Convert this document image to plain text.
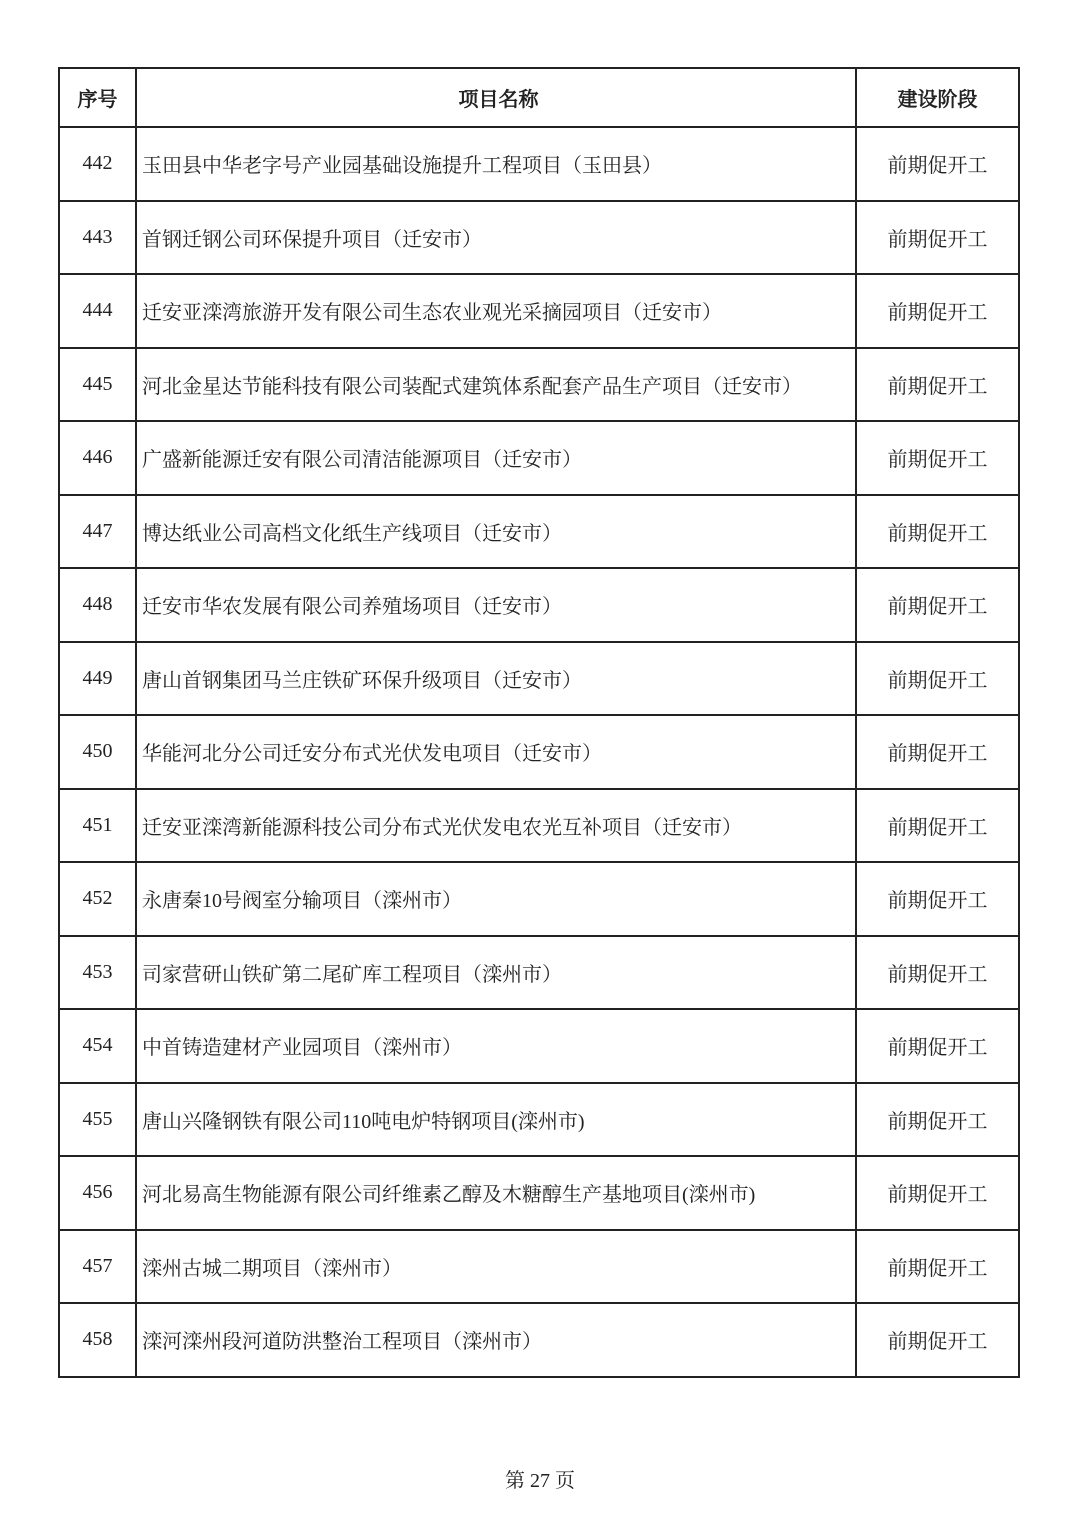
序号	项目名称	建设阶段
442	玉田县中华老字号产业园基础设施提升工程项目（玉田县）	前期促开工
443	首钢迁钢公司环保提升项目（迁安市）	前期促开工
444	迁安亚滦湾旅游开发有限公司生态农业观光采摘园项目（迁安市）	前期促开工
445	河北金星达节能科技有限公司装配式建筑体系配套产品生产项目（迁安市）	前期促开工
446	广盛新能源迁安有限公司清洁能源项目（迁安市）	前期促开工
447	博达纸业公司高档文化纸生产线项目（迁安市）	前期促开工
448	迁安市华农发展有限公司养殖场项目（迁安市）	前期促开工
449	唐山首钢集团马兰庄铁矿环保升级项目（迁安市）	前期促开工
450	华能河北分公司迁安分布式光伏发电项目（迁安市）	前期促开工
451	迁安亚滦湾新能源科技公司分布式光伏发电农光互补项目（迁安市）	前期促开工
452	永唐秦10号阀室分输项目（滦州市）	前期促开工
453	司家营研山铁矿第二尾矿库工程项目（滦州市）	前期促开工
454	中首铸造建材产业园项目（滦州市）	前期促开工
455	唐山兴隆钢铁有限公司110吨电炉特钢项目(滦州市)	前期促开工
456	河北易高生物能源有限公司纤维素乙醇及木糖醇生产基地项目(滦州市)	前期促开工
457	滦州古城二期项目（滦州市）	前期促开工
458	滦河滦州段河道防洪整治工程项目（滦州市）	前期促开工
第 27 页
